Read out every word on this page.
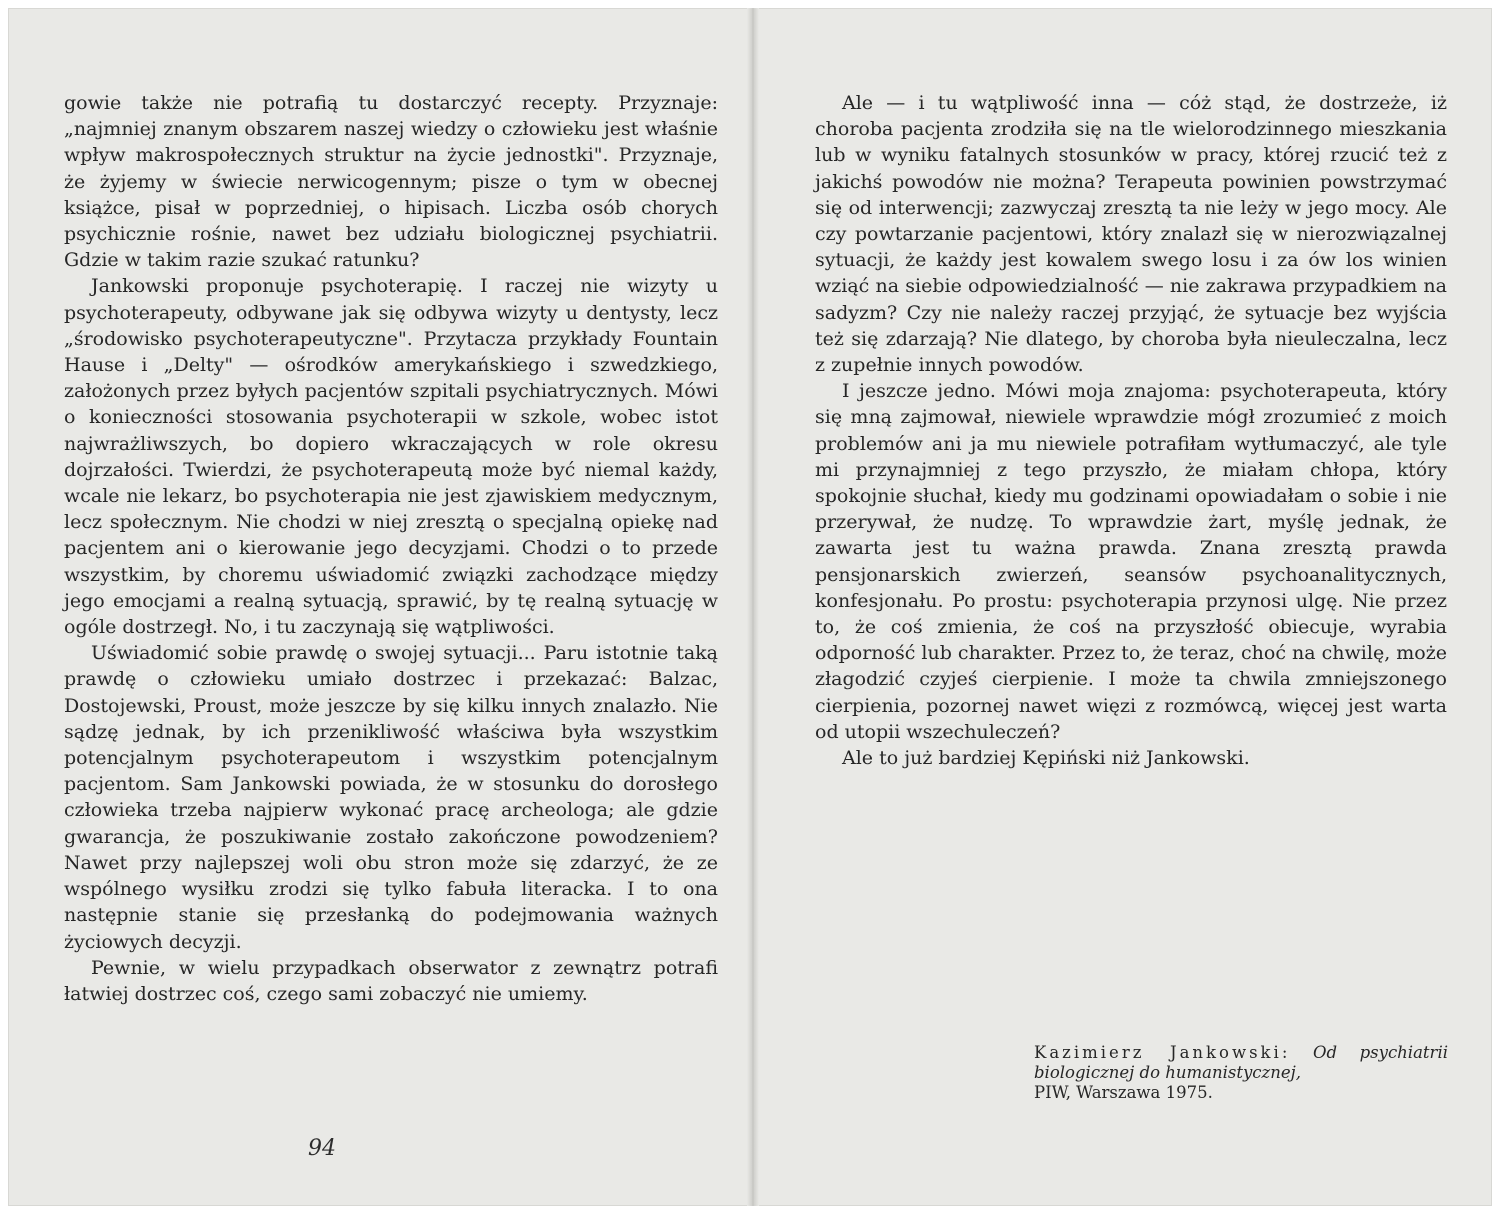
gowie także nie potrafią tu dostarczyć recepty. Przyznaje: „najmniej znanym obszarem naszej wiedzy o człowieku jest właśnie wpływ makrospołecznych struktur na życie jednostki". Przyznaje, że żyjemy w świecie nerwicogennym; pisze o tym w obecnej książce, pisał w poprzedniej, o hipisach. Liczba osób chorych psychicznie rośnie, nawet bez udziału biologicznej psychiatrii. Gdzie w takim razie szukać ratunku?

Jankowski proponuje psychoterapię. I raczej nie wizyty u psychoterapeuty, odbywane jak się odbywa wizyty u dentysty, lecz „środowisko psychoterapeutyczne". Przytacza przykłady Fountain Hause i „Delty" — ośrodków amerykańskiego i szwedzkiego, założonych przez byłych pacjentów szpitali psychiatrycznych. Mówi o konieczności stosowania psychoterapii w szkole, wobec istot najwrażliwszych, bo dopiero wkraczających w role okresu dojrzałości. Twierdzi, że psychoterapeutą może być niemal każdy, wcale nie lekarz, bo psychoterapia nie jest zjawiskiem medycznym, lecz społecznym. Nie chodzi w niej zresztą o specjalną opiekę nad pacjentem ani o kierowanie jego decyzjami. Chodzi o to przede wszystkim, by choremu uświadomić związki zachodzące między jego emocjami a realną sytuacją, sprawić, by tę realną sytuację w ogóle dostrzegł. No, i tu zaczynają się wątpliwości.

Uświadomić sobie prawdę o swojej sytuacji... Paru istotnie taką prawdę o człowieku umiało dostrzec i przekazać: Balzac, Dostojewski, Proust, może jeszcze by się kilku innych znalazło. Nie sądzę jednak, by ich przenikliwość właściwa była wszystkim potencjalnym psychoterapeutom i wszystkim potencjalnym pacjentom. Sam Jankowski powiada, że w stosunku do dorosłego człowieka trzeba najpierw wykonać pracę archeologa; ale gdzie gwarancja, że poszukiwanie zostało zakończone powodzeniem? Nawet przy najlepszej woli obu stron może się zdarzyć, że ze wspólnego wysiłku zrodzi się tylko fabuła literacka. I to ona następnie stanie się przesłanką do podejmowania ważnych życiowych decyzji.

Pewnie, w wielu przypadkach obserwator z zewnątrz potrafi łatwiej dostrzec coś, czego sami zobaczyć nie umiemy.

94

Ale — i tu wątpliwość inna — cóż stąd, że dostrzeże, iż choroba pacjenta zrodziła się na tle wielorodzinnego mieszkania lub w wyniku fatalnych stosunków w pracy, której rzucić też z jakichś powodów nie można? Terapeuta powinien powstrzymać się od interwencji; zazwyczaj zresztą ta nie leży w jego mocy. Ale czy powtarzanie pacjentowi, który znalazł się w nierozwiązalnej sytuacji, że każdy jest kowalem swego losu i za ów los winien wziąć na siebie odpowiedzialność — nie zakrawa przypadkiem na sadyzm? Czy nie należy raczej przyjąć, że sytuacje bez wyjścia też się zdarzają? Nie dlatego, by choroba była nieuleczalna, lecz z zupełnie innych powodów.

I jeszcze jedno. Mówi moja znajoma: psychoterapeuta, który się mną zajmował, niewiele wprawdzie mógł zrozumieć z moich problemów ani ja mu niewiele potrafiłam wytłumaczyć, ale tyle mi przynajmniej z tego przyszło, że miałam chłopa, który spokojnie słuchał, kiedy mu godzinami opowiadałam o sobie i nie przerywał, że nudzę. To wprawdzie żart, myślę jednak, że zawarta jest tu ważna prawda. Znana zresztą prawda pensjonarskich zwierzeń, seansów psychoanalitycznych, konfesjonału. Po prostu: psychoterapia przynosi ulgę. Nie przez to, że coś zmienia, że coś na przyszłość obiecuje, wyrabia odporność lub charakter. Przez to, że teraz, choć na chwilę, może złagodzić czyjeś cierpienie. I może ta chwila zmniejszonego cierpienia, pozornej nawet więzi z rozmówcą, więcej jest warta od utopii wszechuleczeń?

Ale to już bardziej Kępiński niż Jankowski.

Kazimierz Jankowski: Od psychiatrii biologicznej do humanistycznej,
PIW, Warszawa 1975.
